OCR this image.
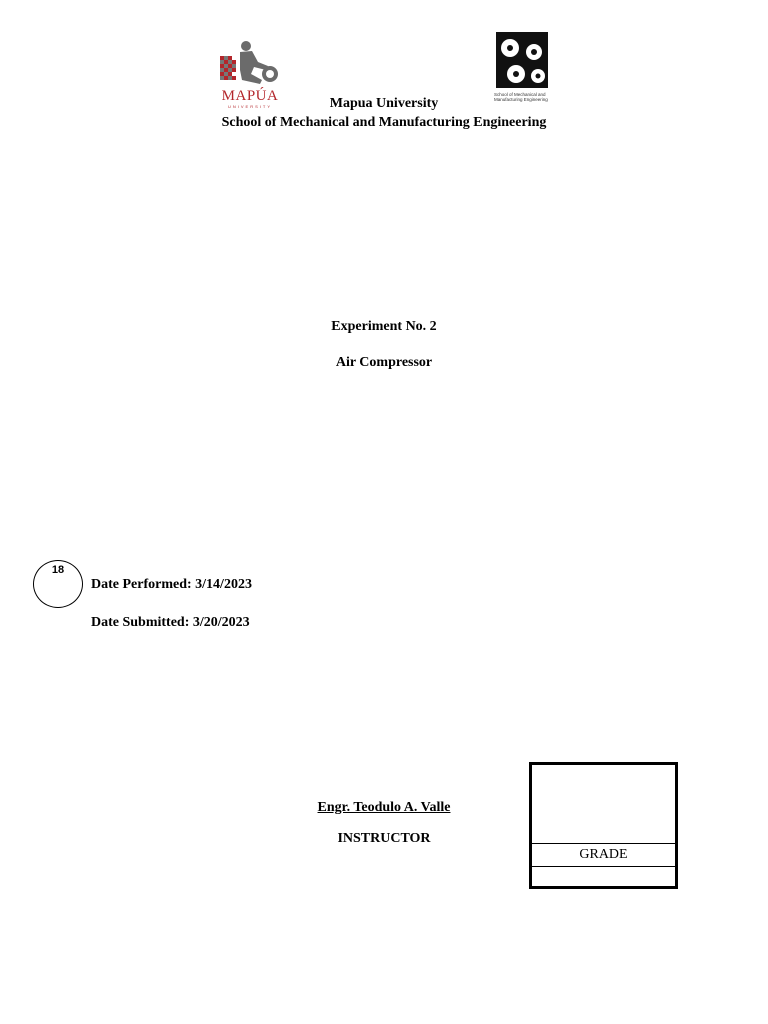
MAPÚA
UNIVERSITY
School of Mechanical and Manufacturing Engineering
Mapua University
School of Mechanical and Manufacturing Engineering
Experiment No. 2
Air Compressor
18
Date Performed: 3/14/2023
Date Submitted: 3/20/2023
Engr. Teodulo A. Valle
INSTRUCTOR
GRADE
